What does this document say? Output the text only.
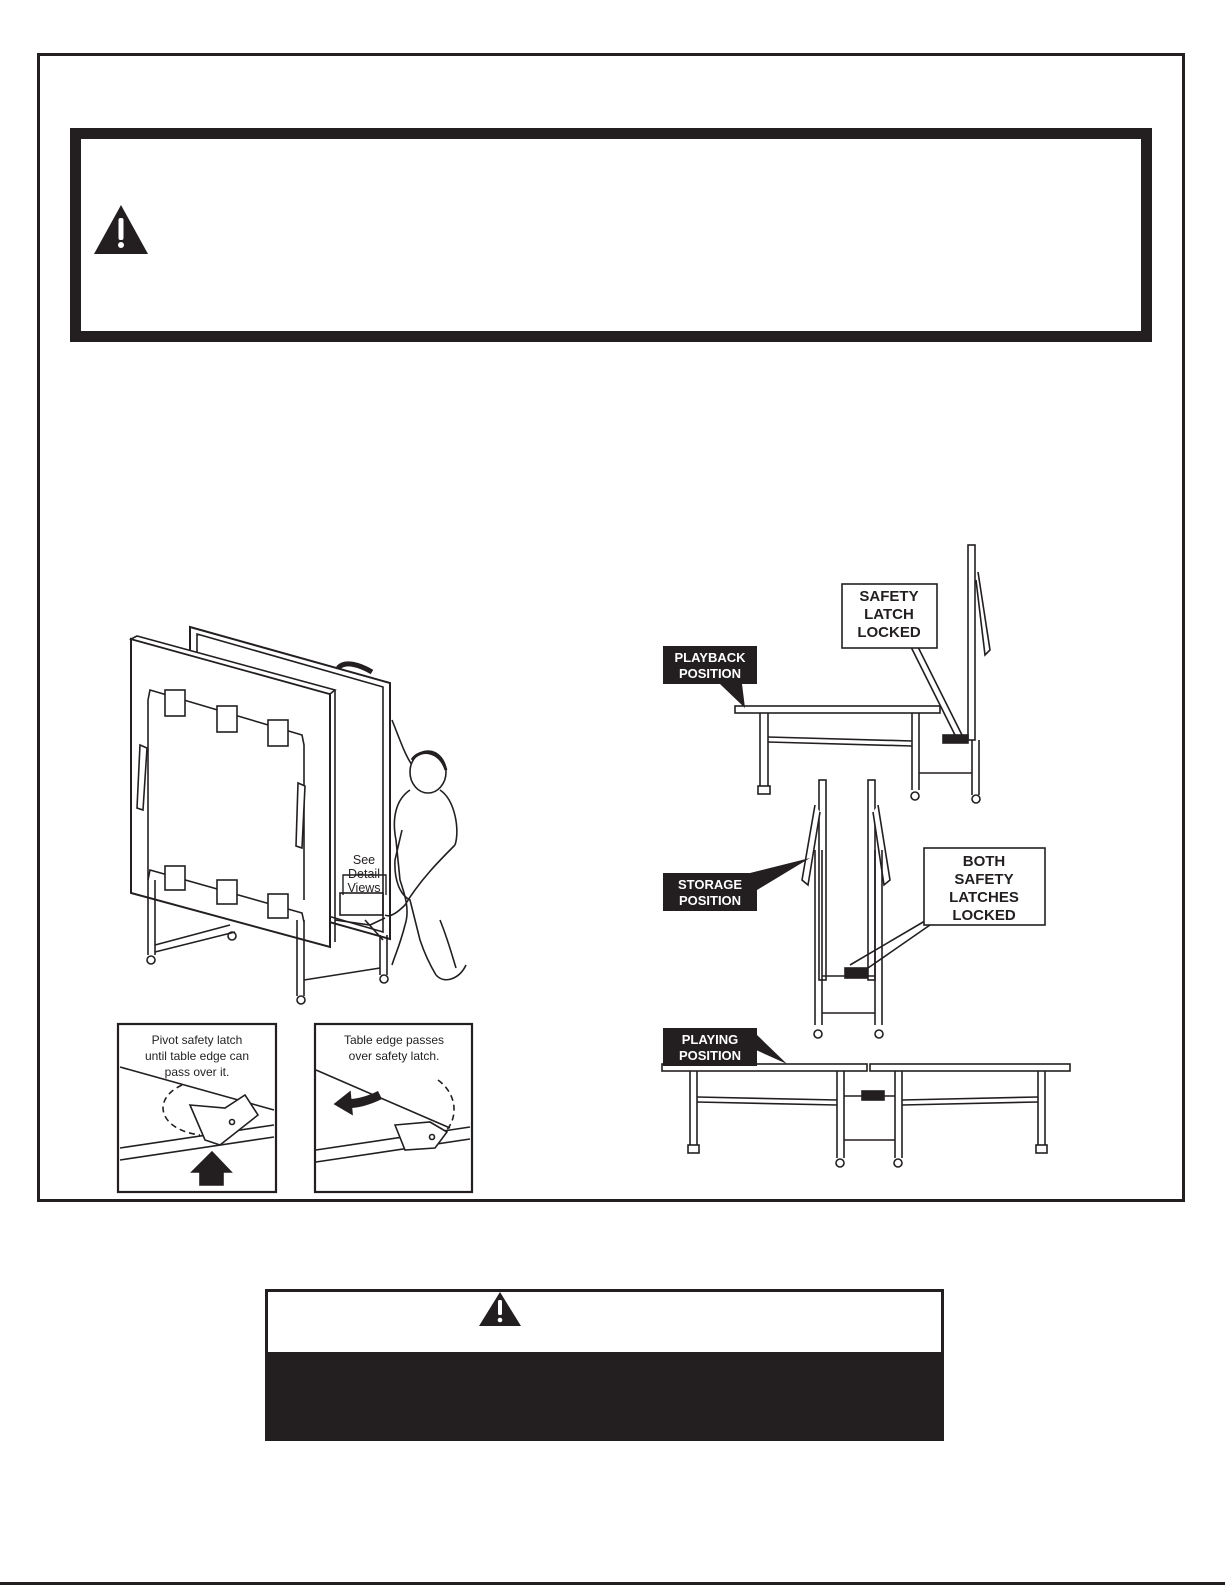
See
Detail
Views
Pivot safety latch
until table edge can
pass over it.
Table edge passes
over safety latch.
PLAYBACK
POSITION
STORAGE
POSITION
PLAYING
POSITION
SAFETY
LATCH
LOCKED
BOTH
SAFETY
LATCHES
LOCKED
